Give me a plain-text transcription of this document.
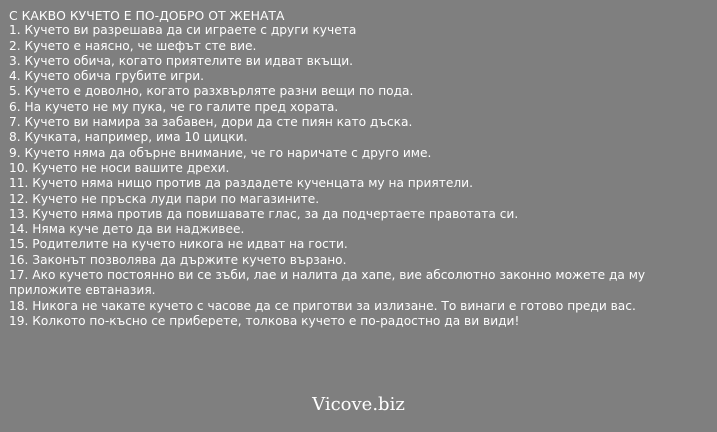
С КАКВО КУЧЕТО Е ПО-ДОБРО ОТ ЖЕНАТА
1. Кучето ви разрешава да си играете с други кучета
2. Кучето е наясно, че шефът сте вие.
3. Кучето обича, когато приятелите ви идват вкъщи.
4. Кучето обича грубите игри.
5. Кучето е доволно, когато разхвърляте разни вещи по пода.
6. На кучето не му пука, че го галите пред хората.
7. Кучето ви намира за забавен, дори да сте пиян като дъска.
8. Кучката, например, има 10 цицки.
9. Кучето няма да обърне внимание, че го наричате с друго име.
10. Кучето не носи вашите дрехи.
11. Кучето няма нищо против да раздадете кученцата му на приятели.
12. Кучето не пръска луди пари по магазините.
13. Кучето няма против да повишавате глас, за да подчертаете правотата си.
14. Няма куче дето да ви надживее.
15. Родителите на кучето никога не идват на гости.
16. Законът позволява да държите кучето вързано.
17. Ако кучето постоянно ви се зъби, лае и налита да хапе, вие абсолютно законно можете да му приложите евтаназия.
18. Никога не чакате кучето с часове да се приготви за излизане. То винаги е готово преди вас.
19. Колкото по-късно се приберете, толкова кучето е по-радостно да ви види!
Vicove.biz
